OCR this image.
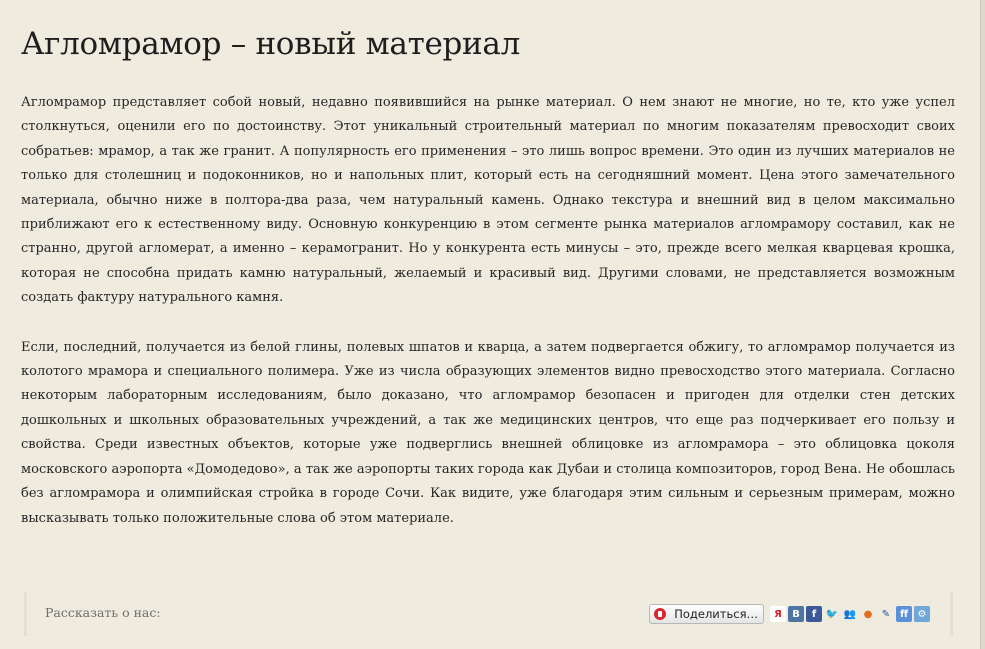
Агломрамор – новый материал

Агломрамор представляет собой новый, недавно появившийся на рынке материал. О нем знают не многие, но те, кто уже успел столкнуться, оценили его по достоинству. Этот уникальный строительный материал по многим показателям превосходит своих собратьев: мрамор, а так же гранит. А популярность его применения – это лишь вопрос времени. Это один из лучших материалов не только для столешниц и подоконников, но и напольных плит, который есть на сегодняшний момент. Цена этого замечательного материала, обычно ниже в полтора-два раза, чем натуральный камень. Однако текстура и внешний вид в целом максимально приближают его к естественному виду. Основную конкуренцию в этом сегменте рынка материалов агломрамору составил, как не странно, другой агломерат, а именно – керамогранит. Но у конкурента есть минусы – это, прежде всего мелкая кварцевая крошка, которая не способна придать камню натуральный, желаемый и красивый вид. Другими словами, не представляется возможным создать фактуру натурального камня.

Если, последний, получается из белой глины, полевых шпатов и кварца, а затем подвергается обжигу, то агломрамор получается из колотого мрамора и специального полимера. Уже из числа образующих элементов видно превосходство этого материала. Согласно некоторым лабораторным исследованиям, было доказано, что агломрамор безопасен и пригоден для отделки стен детских дошкольных и школьных образовательных учреждений, а так же медицинских центров, что еще раз подчеркивает его пользу и свойства. Среди известных объектов, которые уже подверглись внешней облицовке из агломрамора – это облицовка цоколя московского аэропорта «Домодедово», а так же аэропорты таких города как Дубаи и столица композиторов, город Вена. Не обошлась без агломрамора и олимпийская стройка в городе Сочи. Как видите, уже благодаря этим сильным и серьезным примерам, можно высказывать только положительные слова об этом материале.

Рассказать о нас:	Поделиться…	Я	В	f 🐦 👥 ● ✎ ff ⚙
